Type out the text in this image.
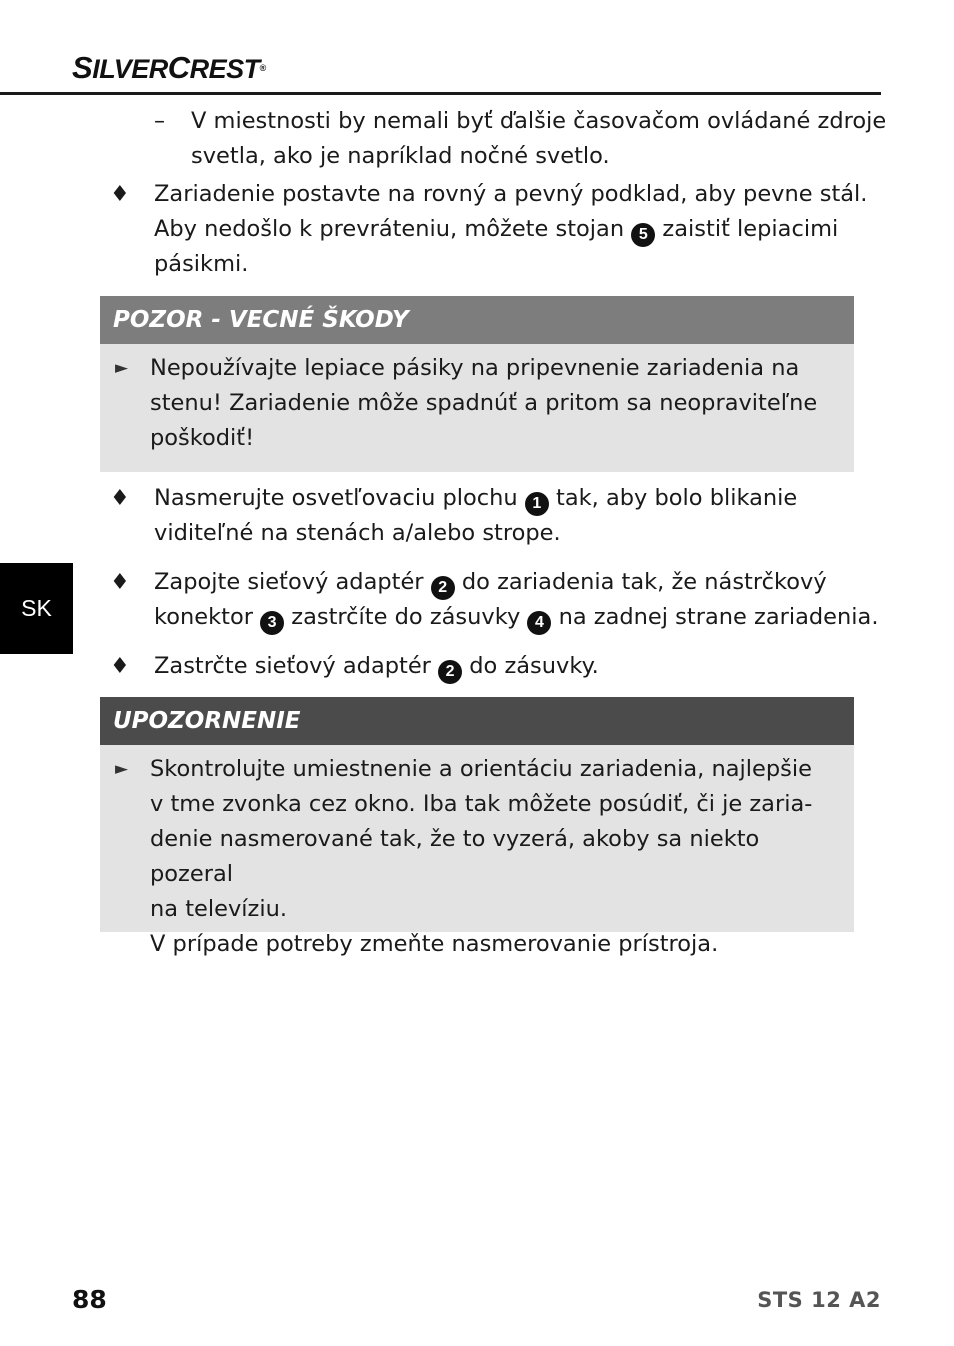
SILVERCREST®
SK
– V miestnosti by nemali byť ďalšie časovačom ovládané zdroje
svetla, ako je napríklad nočné svetlo.

♦ Zariadenie postavte na rovný a pevný podklad, aby pevne stál.
Aby nedošlo k prevráteniu, môžete stojan 5 zaistiť lepiacimi
pásikmi.

POZOR - VECNÉ ŠKODY
► Nepoužívajte lepiace pásiky na pripevnenie zariadenia na
stenu! Zariadenie môže spadnúť a pritom sa neopraviteľne
poškodiť!
♦ Nasmerujte osvetľovaciu plochu 1 tak, aby bolo blikanie
viditeľné na stenách a/alebo strope.

♦ Zapojte sieťový adaptér 2 do zariadenia tak, že nástrčkový
konektor 3 zastrčíte do zásuvky 4 na zadnej strane zariadenia.

♦ Zastrčte sieťový adaptér 2 do zásuvky.

UPOZORNENIE
► Skontrolujte umiestnenie a orientáciu zariadenia, najlepšie
v tme zvonka cez okno. Iba tak môžete posúdiť, či je zaria-
denie nasmerované tak, že to vyzerá, akoby sa niekto pozeral
na televíziu.
V prípade potreby zmeňte nasmerovanie prístroja.
88	STS 12 A2
